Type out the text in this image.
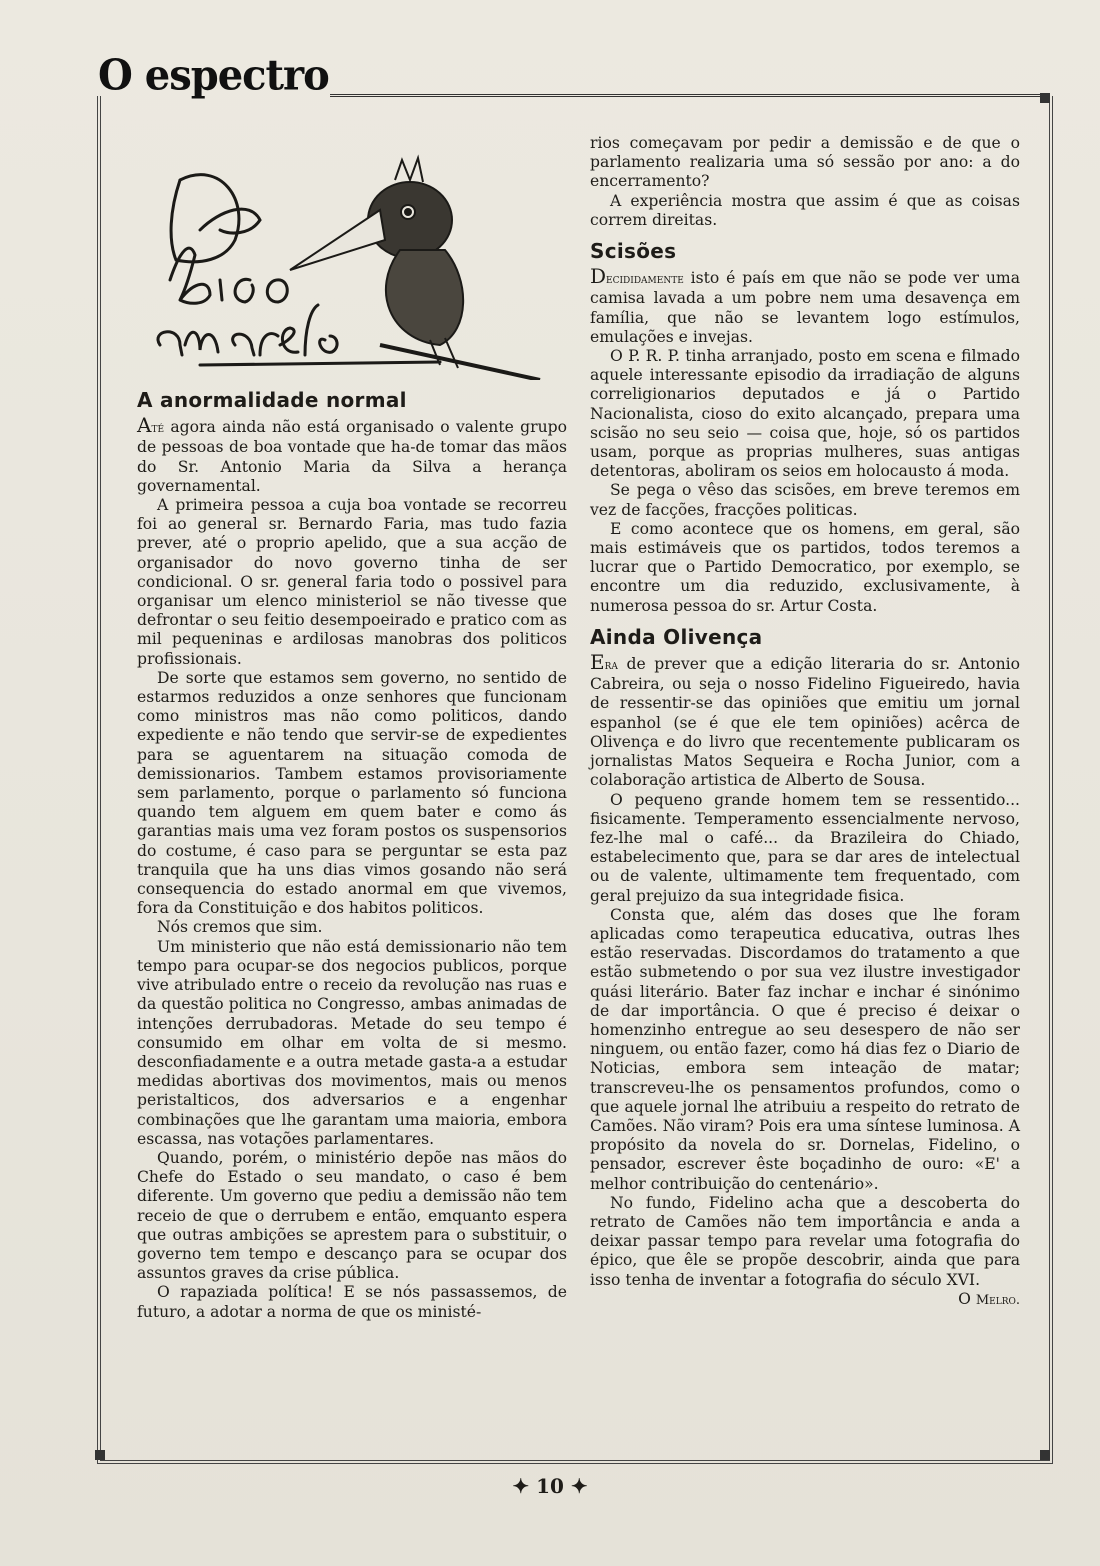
O espectro
A anormalidade normal

Até agora ainda não está organisado o valente grupo de pessoas de boa vontade que ha-de tomar das mãos do Sr. Antonio Maria da Silva a herança governamental.

A primeira pessoa a cuja boa vontade se recorreu foi ao general sr. Bernardo Faria, mas tudo fazia prever, até o proprio apelido, que a sua acção de organisador do novo governo tinha de ser condicional. O sr. general faria todo o possivel para organisar um elenco ministeriol se não tivesse que defrontar o seu feitio desempoeirado e pratico com as mil pequeninas e ardilosas manobras dos politicos profissionais.

De sorte que estamos sem governo, no sentido de estarmos reduzidos a onze senhores que funcionam como ministros mas não como politicos, dando expediente e não tendo que servir-se de expedientes para se aguentarem na situação comoda de demissionarios. Tambem estamos provisoriamente sem parlamento, porque o parlamento só funciona quando tem alguem em quem bater e como ás garantias mais uma vez foram postos os suspensorios do costume, é caso para se perguntar se esta paz tranquila que ha uns dias vimos gosando não será consequencia do estado anormal em que vivemos, fora da Constituição e dos habitos politicos.

Nós cremos que sim.

Um ministerio que não está demissionario não tem tempo para ocupar-se dos negocios publicos, porque vive atribulado entre o receio da revolução nas ruas e da questão politica no Congresso, ambas animadas de intenções derrubadoras. Metade do seu tempo é consumido em olhar em volta de si mesmo. desconfiadamente e a outra metade gasta-a a estudar medidas abortivas dos movimentos, mais ou menos peristalticos, dos adversarios e a engenhar combinações que lhe garantam uma maioria, embora escassa, nas votações parlamentares.

Quando, porém, o ministério depõe nas mãos do Chefe do Estado o seu mandato, o caso é bem diferente. Um governo que pediu a demissão não tem receio de que o derrubem e então, emquanto espera que outras ambições se aprestem para o substituir, o governo tem tempo e descanço para se ocupar dos assuntos graves da crise pública.

O rapaziada política! E se nós passassemos, de futuro, a adotar a norma de que os ministé-

rios começavam por pedir a demissão e de que o parlamento realizaria uma só sessão por ano: a do encerramento?

A experiência mostra que assim é que as coisas correm direitas.

Scisões

Decididamente isto é país em que não se pode ver uma camisa lavada a um pobre nem uma desavença em família, que não se levantem logo estímulos, emulações e invejas.

O P. R. P. tinha arranjado, posto em scena e filmado aquele interessante episodio da irradiação de alguns correligionarios deputados e já o Partido Nacionalista, cioso do exito alcançado, prepara uma scisão no seu seio — coisa que, hoje, só os partidos usam, porque as proprias mulheres, suas antigas detentoras, aboliram os seios em holocausto á moda.

Se pega o vêso das scisões, em breve teremos em vez de facções, fracções politicas.

E como acontece que os homens, em geral, são mais estimáveis que os partidos, todos teremos a lucrar que o Partido Democratico, por exemplo, se encontre um dia reduzido, exclusivamente, à numerosa pessoa do sr. Artur Costa.

Ainda Olivença

Era de prever que a edição literaria do sr. Antonio Cabreira, ou seja o nosso Fidelino Figueiredo, havia de ressentir-se das opiniões que emitiu um jornal espanhol (se é que ele tem opiniões) acêrca de Olivença e do livro que recentemente publicaram os jornalistas Matos Sequeira e Rocha Junior, com a colaboração artistica de Alberto de Sousa.

O pequeno grande homem tem se ressentido... fisicamente. Temperamento essencialmente nervoso, fez-lhe mal o café... da Brazileira do Chiado, estabelecimento que, para se dar ares de intelectual ou de valente, ultimamente tem frequentado, com geral prejuizo da sua integridade fisica.

Consta que, além das doses que lhe foram aplicadas como terapeutica educativa, outras lhes estão reservadas. Discordamos do tratamento a que estão submetendo o por sua vez ilustre investigador quási literário. Bater faz inchar e inchar é sinónimo de dar importância. O que é preciso é deixar o homenzinho entregue ao seu desespero de não ser ninguem, ou então fazer, como há dias fez o Diario de Noticias, embora sem inteação de matar; transcreveu-lhe os pensamentos profundos, como o que aquele jornal lhe atribuiu a respeito do retrato de Camões. Não viram? Pois era uma síntese luminosa. A propósito da novela do sr. Dornelas, Fidelino, o pensador, escrever êste boçadinho de ouro: «E' a melhor contribuição do centenário».

No fundo, Fidelino acha que a descoberta do retrato de Camões não tem importância e anda a deixar passar tempo para revelar uma fotografia do épico, que êle se propõe descobrir, ainda que para isso tenha de inventar a fotografia do século XVI.

O Melro.

✦ 10 ✦
